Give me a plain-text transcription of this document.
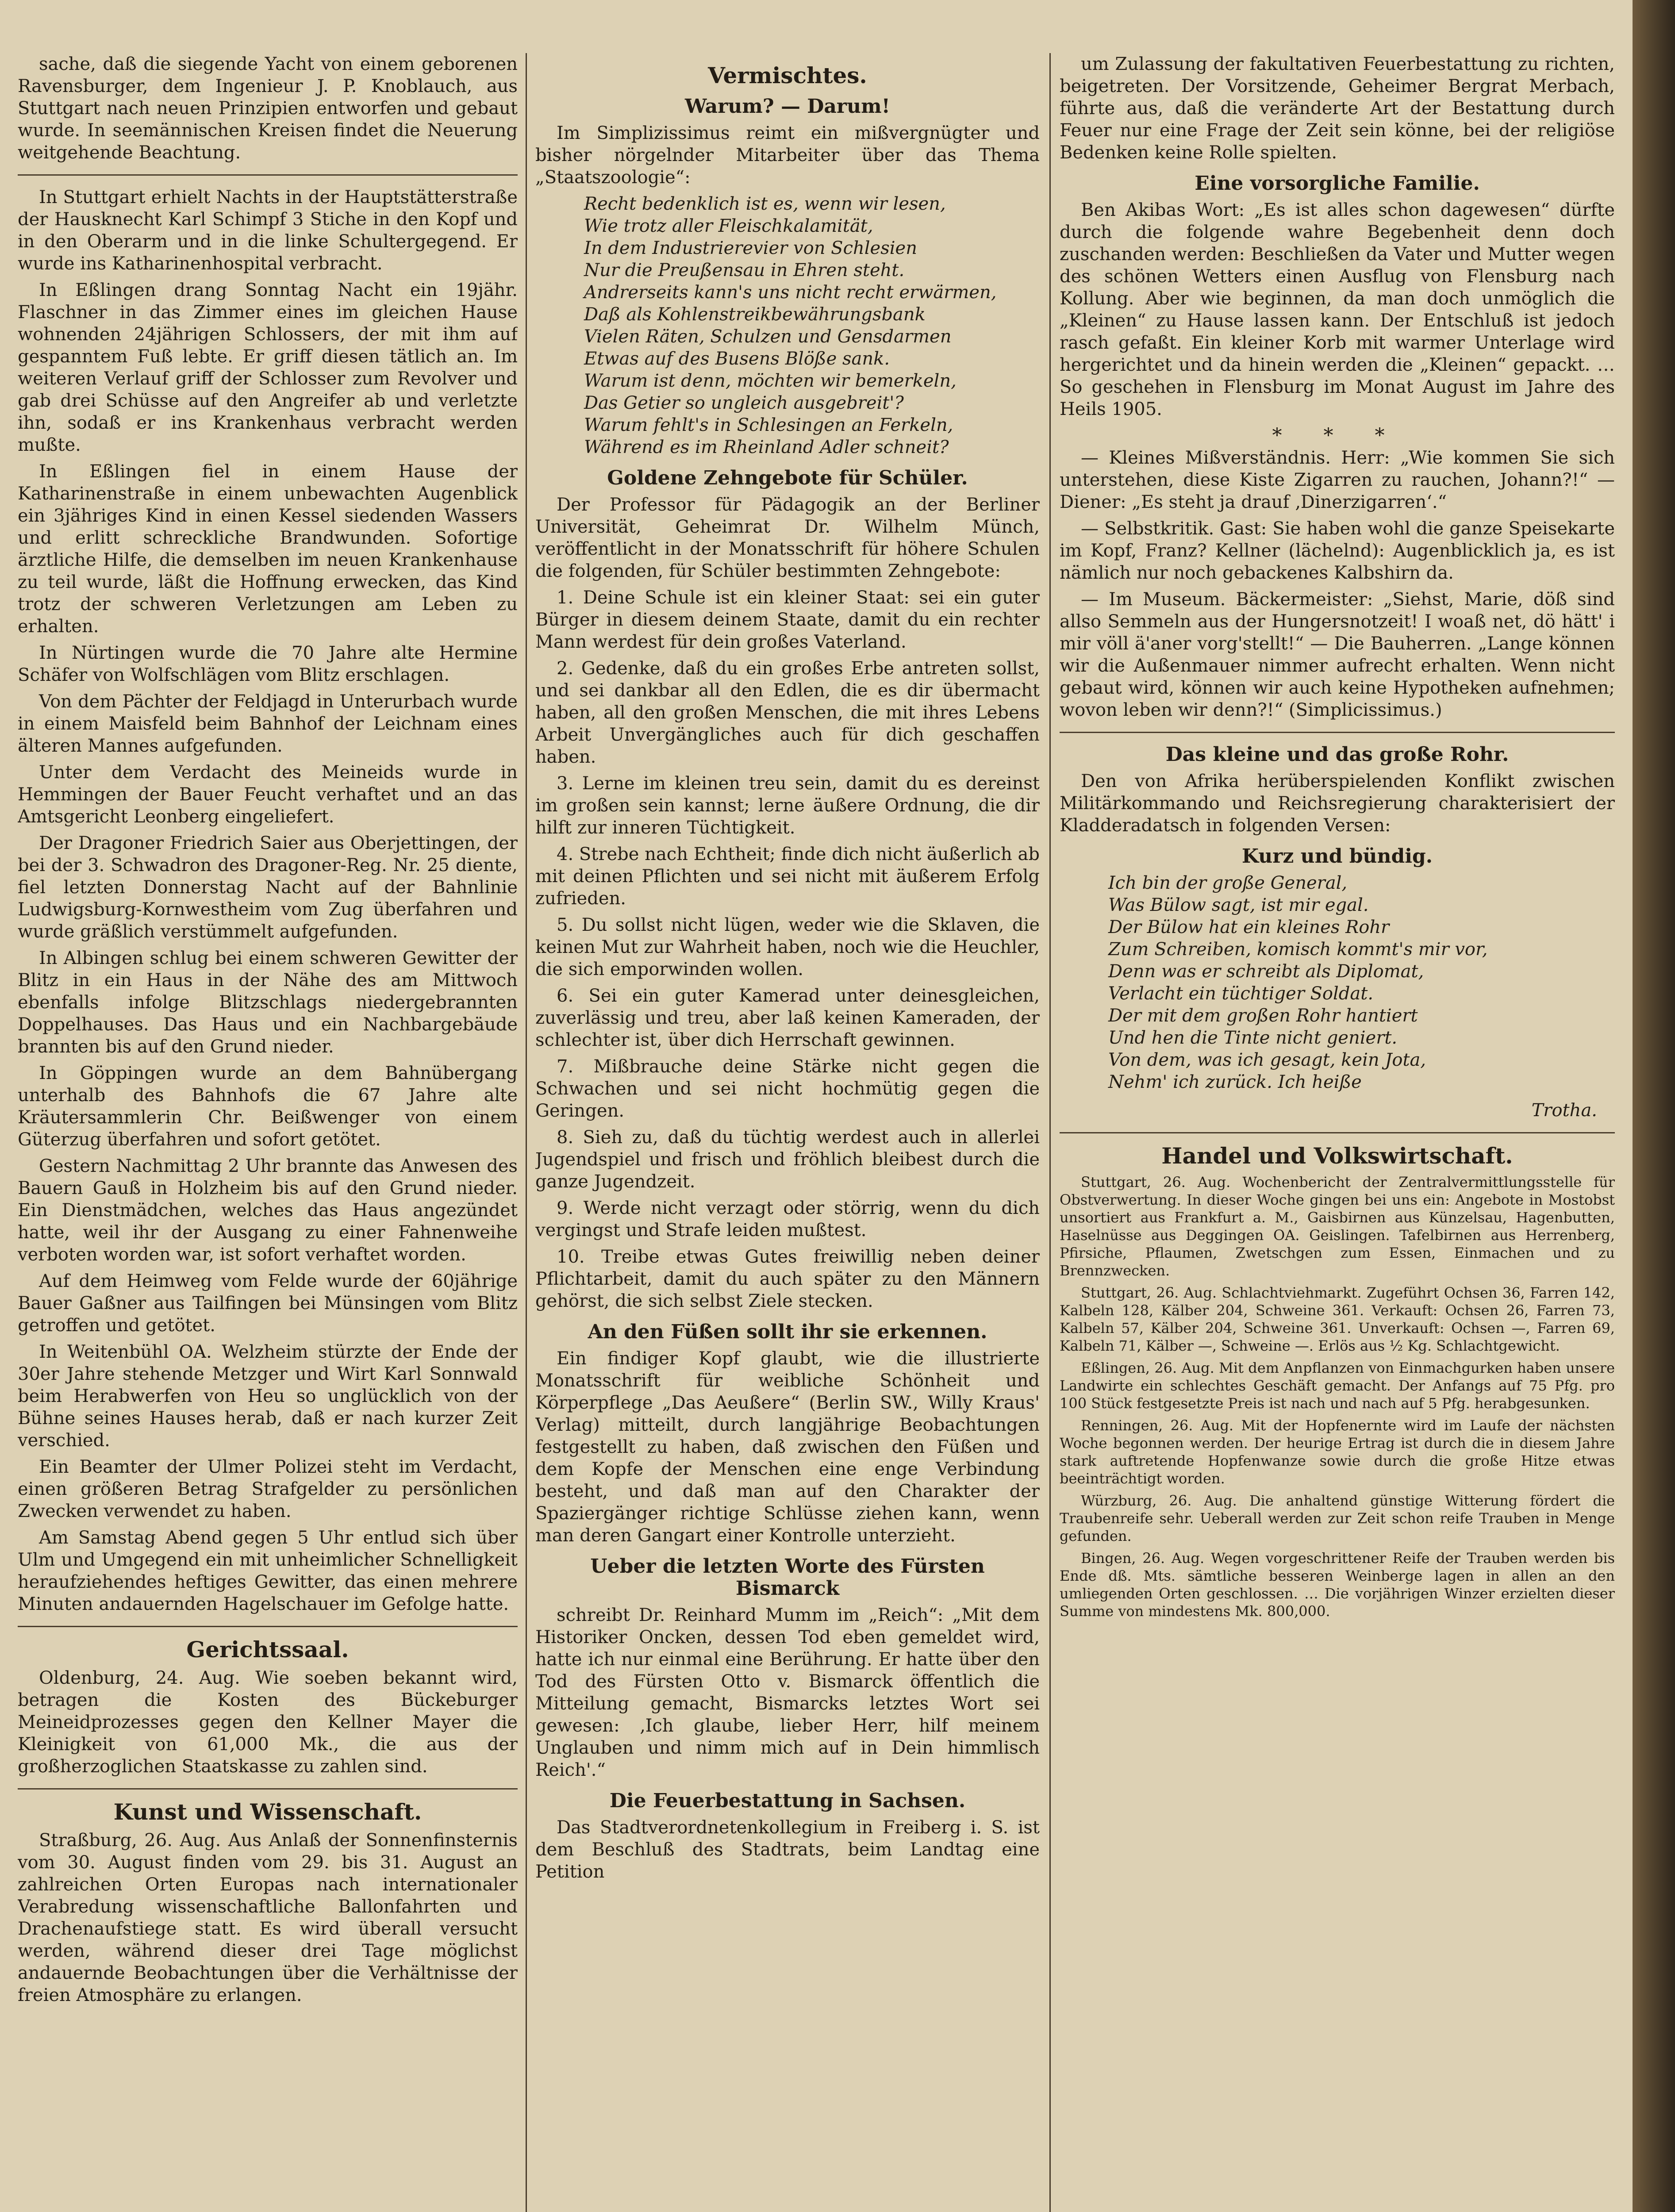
sache, daß die siegende Yacht von einem geborenen Ravensburger, dem Ingenieur J. P. Knoblauch, aus Stuttgart nach neuen Prinzipien entworfen und gebaut wurde. In seemännischen Kreisen findet die Neuerung weitgehende Beachtung.

In Stuttgart erhielt Nachts in der Hauptstätterstraße der Hausknecht Karl Schimpf 3 Stiche in den Kopf und in den Oberarm und in die linke Schultergegend. Er wurde ins Katharinenhospital verbracht.

In Eßlingen drang Sonntag Nacht ein 19jähr. Flaschner in das Zimmer eines im gleichen Hause wohnenden 24jährigen Schlossers, der mit ihm auf gespanntem Fuß lebte. Er griff diesen tätlich an. Im weiteren Verlauf griff der Schlosser zum Revolver und gab drei Schüsse auf den Angreifer ab und verletzte ihn, sodaß er ins Krankenhaus verbracht werden mußte.

In Eßlingen fiel in einem Hause der Katharinenstraße in einem unbewachten Augenblick ein 3jähriges Kind in einen Kessel siedenden Wassers und erlitt schreckliche Brandwunden. Sofortige ärztliche Hilfe, die demselben im neuen Krankenhause zu teil wurde, läßt die Hoffnung erwecken, das Kind trotz der schweren Verletzungen am Leben zu erhalten.

In Nürtingen wurde die 70 Jahre alte Hermine Schäfer von Wolfschlägen vom Blitz erschlagen.

Von dem Pächter der Feldjagd in Unterurbach wurde in einem Maisfeld beim Bahnhof der Leichnam eines älteren Mannes aufgefunden.

Unter dem Verdacht des Meineids wurde in Hemmingen der Bauer Feucht verhaftet und an das Amtsgericht Leonberg eingeliefert.

Der Dragoner Friedrich Saier aus Oberjettingen, der bei der 3. Schwadron des Dragoner-Reg. Nr. 25 diente, fiel letzten Donnerstag Nacht auf der Bahnlinie Ludwigsburg-Kornwestheim vom Zug überfahren und wurde gräßlich verstümmelt aufgefunden.

In Albingen schlug bei einem schweren Gewitter der Blitz in ein Haus in der Nähe des am Mittwoch ebenfalls infolge Blitzschlags niedergebrannten Doppelhauses. Das Haus und ein Nachbargebäude brannten bis auf den Grund nieder.

In Göppingen wurde an dem Bahnübergang unterhalb des Bahnhofs die 67 Jahre alte Kräutersammlerin Chr. Beißwenger von einem Güterzug überfahren und sofort getötet.

Gestern Nachmittag 2 Uhr brannte das Anwesen des Bauern Gauß in Holzheim bis auf den Grund nieder. Ein Dienstmädchen, welches das Haus angezündet hatte, weil ihr der Ausgang zu einer Fahnenweihe verboten worden war, ist sofort verhaftet worden.

Auf dem Heimweg vom Felde wurde der 60jährige Bauer Gaßner aus Tailfingen bei Münsingen vom Blitz getroffen und getötet.

In Weitenbühl OA. Welzheim stürzte der Ende der 30er Jahre stehende Metzger und Wirt Karl Sonnwald beim Herabwerfen von Heu so unglücklich von der Bühne seines Hauses herab, daß er nach kurzer Zeit verschied.

Ein Beamter der Ulmer Polizei steht im Verdacht, einen größeren Betrag Strafgelder zu persönlichen Zwecken verwendet zu haben.

Am Samstag Abend gegen 5 Uhr entlud sich über Ulm und Umgegend ein mit unheimlicher Schnelligkeit heraufziehendes heftiges Gewitter, das einen mehrere Minuten andauernden Hagelschauer im Gefolge hatte.

Gerichtssaal.

Oldenburg, 24. Aug. Wie soeben bekannt wird, betragen die Kosten des Bückeburger Meineidprozesses gegen den Kellner Mayer die Kleinigkeit von 61,000 Mk., die aus der großherzoglichen Staatskasse zu zahlen sind.

Kunst und Wissenschaft.

Straßburg, 26. Aug. Aus Anlaß der Sonnenfinsternis vom 30. August finden vom 29. bis 31. August an zahlreichen Orten Europas nach internationaler Verabredung wissenschaftliche Ballonfahrten und Drachenaufstiege statt. Es wird überall versucht werden, während dieser drei Tage möglichst andauernde Beobachtungen über die Verhältnisse der freien Atmosphäre zu erlangen.

Vermischtes.
Warum? — Darum!

Im Simplizissimus reimt ein mißvergnügter und bisher nörgelnder Mitarbeiter über das Thema „Staatszoologie“:

Recht bedenklich ist es, wenn wir lesen,
Wie trotz aller Fleischkalamität,
In dem Industrierevier von Schlesien
Nur die Preußensau in Ehren steht.
Andrerseits kann's uns nicht recht erwärmen,
Daß als Kohlenstreikbewährungsbank
Vielen Räten, Schulzen und Gensdarmen
Etwas auf des Busens Blöße sank.
Warum ist denn, möchten wir bemerkeln,
Das Getier so ungleich ausgebreit'?
Warum fehlt's in Schlesingen an Ferkeln,
Während es im Rheinland Adler schneit?
Goldene Zehngebote für Schüler.

Der Professor für Pädagogik an der Berliner Universität, Geheimrat Dr. Wilhelm Münch, veröffentlicht in der Monatsschrift für höhere Schulen die folgenden, für Schüler bestimmten Zehngebote:

1. Deine Schule ist ein kleiner Staat: sei ein guter Bürger in diesem deinem Staate, damit du ein rechter Mann werdest für dein großes Vaterland.

2. Gedenke, daß du ein großes Erbe antreten sollst, und sei dankbar all den Edlen, die es dir übermacht haben, all den großen Menschen, die mit ihres Lebens Arbeit Unvergängliches auch für dich geschaffen haben.

3. Lerne im kleinen treu sein, damit du es dereinst im großen sein kannst; lerne äußere Ordnung, die dir hilft zur inneren Tüchtigkeit.

4. Strebe nach Echtheit; finde dich nicht äußerlich ab mit deinen Pflichten und sei nicht mit äußerem Erfolg zufrieden.

5. Du sollst nicht lügen, weder wie die Sklaven, die keinen Mut zur Wahrheit haben, noch wie die Heuchler, die sich emporwinden wollen.

6. Sei ein guter Kamerad unter deinesgleichen, zuverlässig und treu, aber laß keinen Kameraden, der schlechter ist, über dich Herrschaft gewinnen.

7. Mißbrauche deine Stärke nicht gegen die Schwachen und sei nicht hochmütig gegen die Geringen.

8. Sieh zu, daß du tüchtig werdest auch in allerlei Jugendspiel und frisch und fröhlich bleibest durch die ganze Jugendzeit.

9. Werde nicht verzagt oder störrig, wenn du dich vergingst und Strafe leiden mußtest.

10. Treibe etwas Gutes freiwillig neben deiner Pflichtarbeit, damit du auch später zu den Männern gehörst, die sich selbst Ziele stecken.

An den Füßen sollt ihr sie erkennen.

Ein findiger Kopf glaubt, wie die illustrierte Monatsschrift für weibliche Schönheit und Körperpflege „Das Aeußere“ (Berlin SW., Willy Kraus' Verlag) mitteilt, durch langjährige Beobachtungen festgestellt zu haben, daß zwischen den Füßen und dem Kopfe der Menschen eine enge Verbindung besteht, und daß man auf den Charakter der Spaziergänger richtige Schlüsse ziehen kann, wenn man deren Gangart einer Kontrolle unterzieht.

Ueber die letzten Worte des Fürsten Bismarck

schreibt Dr. Reinhard Mumm im „Reich“: „Mit dem Historiker Oncken, dessen Tod eben gemeldet wird, hatte ich nur einmal eine Berührung. Er hatte über den Tod des Fürsten Otto v. Bismarck öffentlich die Mitteilung gemacht, Bismarcks letztes Wort sei gewesen: ‚Ich glaube, lieber Herr, hilf meinem Unglauben und nimm mich auf in Dein himmlisch Reich'.“

Die Feuerbestattung in Sachsen.

Das Stadtverordnetenkollegium in Freiberg i. S. ist dem Beschluß des Stadtrats, beim Landtag eine Petition

um Zulassung der fakultativen Feuerbestattung zu richten, beigetreten. Der Vorsitzende, Geheimer Bergrat Merbach, führte aus, daß die veränderte Art der Bestattung durch Feuer nur eine Frage der Zeit sein könne, bei der religiöse Bedenken keine Rolle spielten.

Eine vorsorgliche Familie.

Ben Akibas Wort: „Es ist alles schon dagewesen“ dürfte durch die folgende wahre Begebenheit denn doch zuschanden werden: Beschließen da Vater und Mutter wegen des schönen Wetters einen Ausflug von Flensburg nach Kollung. Aber wie beginnen, da man doch unmöglich die „Kleinen“ zu Hause lassen kann. Der Entschluß ist jedoch rasch gefaßt. Ein kleiner Korb mit warmer Unterlage wird hergerichtet und da hinein werden die „Kleinen“ gepackt. … So geschehen in Flensburg im Monat August im Jahre des Heils 1905.

* * *

— Kleines Mißverständnis. Herr: „Wie kommen Sie sich unterstehen, diese Kiste Zigarren zu rauchen, Johann?!“ — Diener: „Es steht ja drauf ‚Dinerzigarren‘.“

— Selbstkritik. Gast: Sie haben wohl die ganze Speisekarte im Kopf, Franz? Kellner (lächelnd): Augenblicklich ja, es ist nämlich nur noch gebackenes Kalbshirn da.

— Im Museum. Bäckermeister: „Siehst, Marie, döß sind allso Semmeln aus der Hungersnotzeit! I woaß net, dö hätt' i mir völl ä'aner vorg'stellt!“ — Die Bauherren. „Lange können wir die Außenmauer nimmer aufrecht erhalten. Wenn nicht gebaut wird, können wir auch keine Hypotheken aufnehmen; wovon leben wir denn?!“ (Simplicissimus.)

Das kleine und das große Rohr.

Den von Afrika herüberspielenden Konflikt zwischen Militärkommando und Reichsregierung charakterisiert der Kladderadatsch in folgenden Versen:

Kurz und bündig.
Ich bin der große General,
Was Bülow sagt, ist mir egal.
Der Bülow hat ein kleines Rohr
Zum Schreiben, komisch kommt's mir vor,
Denn was er schreibt als Diplomat,
Verlacht ein tüchtiger Soldat.
Der mit dem großen Rohr hantiert
Und hen die Tinte nicht geniert.
Von dem, was ich gesagt, kein Jota,
Nehm' ich zurück. Ich heiße
Trotha.
Handel und Volkswirtschaft.

Stuttgart, 26. Aug. Wochenbericht der Zentralvermittlungsstelle für Obstverwertung. In dieser Woche gingen bei uns ein: Angebote in Mostobst unsortiert aus Frankfurt a. M., Gaisbirnen aus Künzelsau, Hagenbutten, Haselnüsse aus Deggingen OA. Geislingen. Tafelbirnen aus Herrenberg, Pfirsiche, Pflaumen, Zwetschgen zum Essen, Einmachen und zu Brennzwecken.

Stuttgart, 26. Aug. Schlachtviehmarkt. Zugeführt Ochsen 36, Farren 142, Kalbeln 128, Kälber 204, Schweine 361. Verkauft: Ochsen 26, Farren 73, Kalbeln 57, Kälber 204, Schweine 361. Unverkauft: Ochsen —, Farren 69, Kalbeln 71, Kälber —, Schweine —. Erlös aus ½ Kg. Schlachtgewicht.

Eßlingen, 26. Aug. Mit dem Anpflanzen von Einmachgurken haben unsere Landwirte ein schlechtes Geschäft gemacht. Der Anfangs auf 75 Pfg. pro 100 Stück festgesetzte Preis ist nach und nach auf 5 Pfg. herabgesunken.

Renningen, 26. Aug. Mit der Hopfenernte wird im Laufe der nächsten Woche begonnen werden. Der heurige Ertrag ist durch die in diesem Jahre stark auftretende Hopfenwanze sowie durch die große Hitze etwas beeinträchtigt worden.

Würzburg, 26. Aug. Die anhaltend günstige Witterung fördert die Traubenreife sehr. Ueberall werden zur Zeit schon reife Trauben in Menge gefunden.

Bingen, 26. Aug. Wegen vorgeschrittener Reife der Trauben werden bis Ende dß. Mts. sämtliche besseren Weinberge lagen in allen an den umliegenden Orten geschlossen. … Die vorjährigen Winzer erzielten dieser Summe von mindestens Mk. 800,000.
